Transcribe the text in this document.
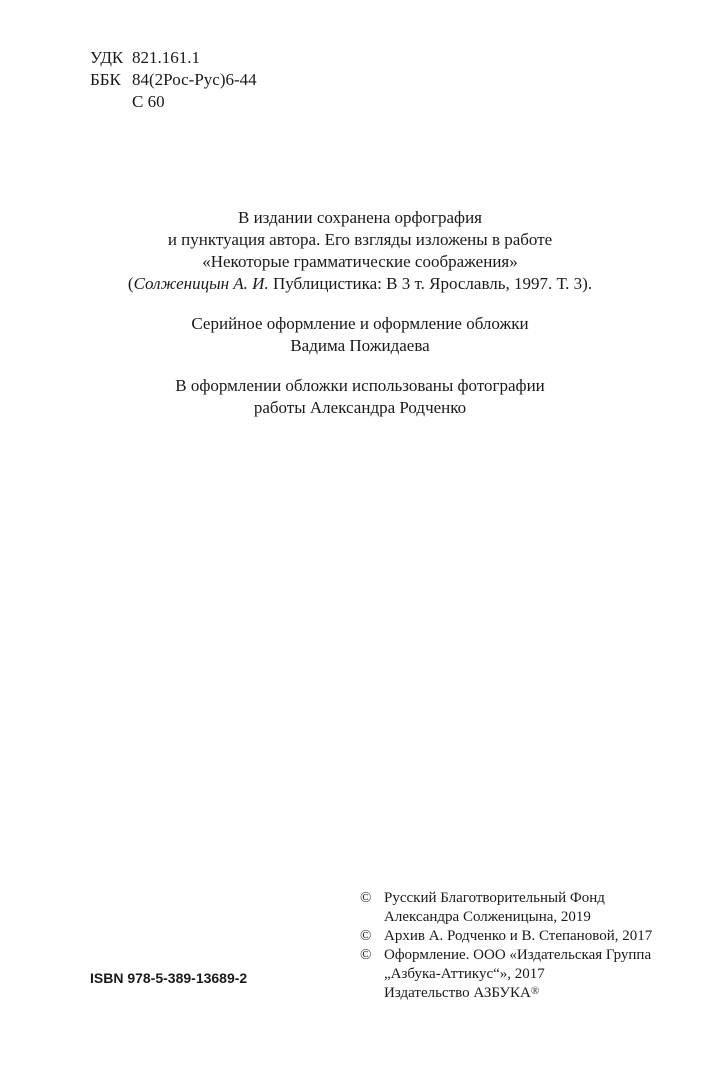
УДК 821.161.1
ББК 84(2Рос-Рус)6-44
С 60

В издании сохранена орфография
и пунктуация автора. Его взгляды изложены в работе
«Некоторые грамматические соображения»
(Солженицын А. И. Публицистика: В 3 т. Ярославль, 1997. Т. 3).

Серийное оформление и оформление обложки
Вадима Пожидаева

В оформлении обложки использованы фотографии
работы Александра Родченко

© Русский Благотворительный Фонд
Александра Солженицына, 2019
© Архив А. Родченко и В. Степановой, 2017
© Оформление. ООО «Издательская Группа
„Азбука-Аттикус“», 2017
Издательство АЗБУКА®
ISBN 978-5-389-13689-2
